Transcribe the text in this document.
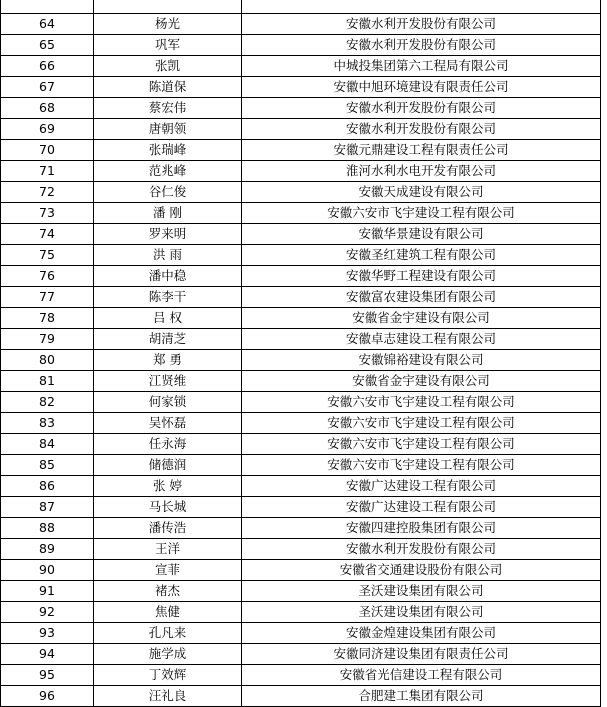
64	杨光	安徽水利开发股份有限公司
65	巩军	安徽水利开发股份有限公司
66	张凯	中城投集团第六工程局有限公司
67	陈道保	安徽中旭环境建设有限责任公司
68	蔡宏伟	安徽水利开发股份有限公司
69	唐朝领	安徽水利开发股份有限公司
70	张瑞峰	安徽元鼎建设工程有限责任公司
71	范兆峰	淮河水利水电开发有限公司
72	谷仁俊	安徽天成建设有限公司
73	潘 刚	安徽六安市飞宇建设工程有限公司
74	罗来明	安徽华景建设有限公司
75	洪 雨	安徽圣红建筑工程有限公司
76	潘中稳	安徽华野工程建设有限公司
77	陈李干	安徽富农建设集团有限公司
78	吕 权	安徽省金宇建设有限公司
79	胡清芝	安徽卓志建设工程有限公司
80	郑 勇	安徽锦裕建设有限公司
81	江贤维	安徽省金宇建设有限公司
82	何家锁	安徽六安市飞宇建设工程有限公司
83	吴怀磊	安徽六安市飞宇建设工程有限公司
84	任永海	安徽六安市飞宇建设工程有限公司
85	储德润	安徽六安市飞宇建设工程有限公司
86	张 婷	安徽广达建设工程有限公司
87	马长城	安徽广达建设工程有限公司
88	潘传浩	安徽四建控股集团有限公司
89	王洋	安徽水利开发股份有限公司
90	宣菲	安徽省交通建设股份有限公司
91	褚杰	圣沃建设集团有限公司
92	焦健	圣沃建设集团有限公司
93	孔凡来	安徽金煌建设集团有限公司
94	施学成	安徽同济建设集团有限责任公司
95	丁效辉	安徽省光信建设工程有限公司
96	汪礼良	合肥建工集团有限公司
